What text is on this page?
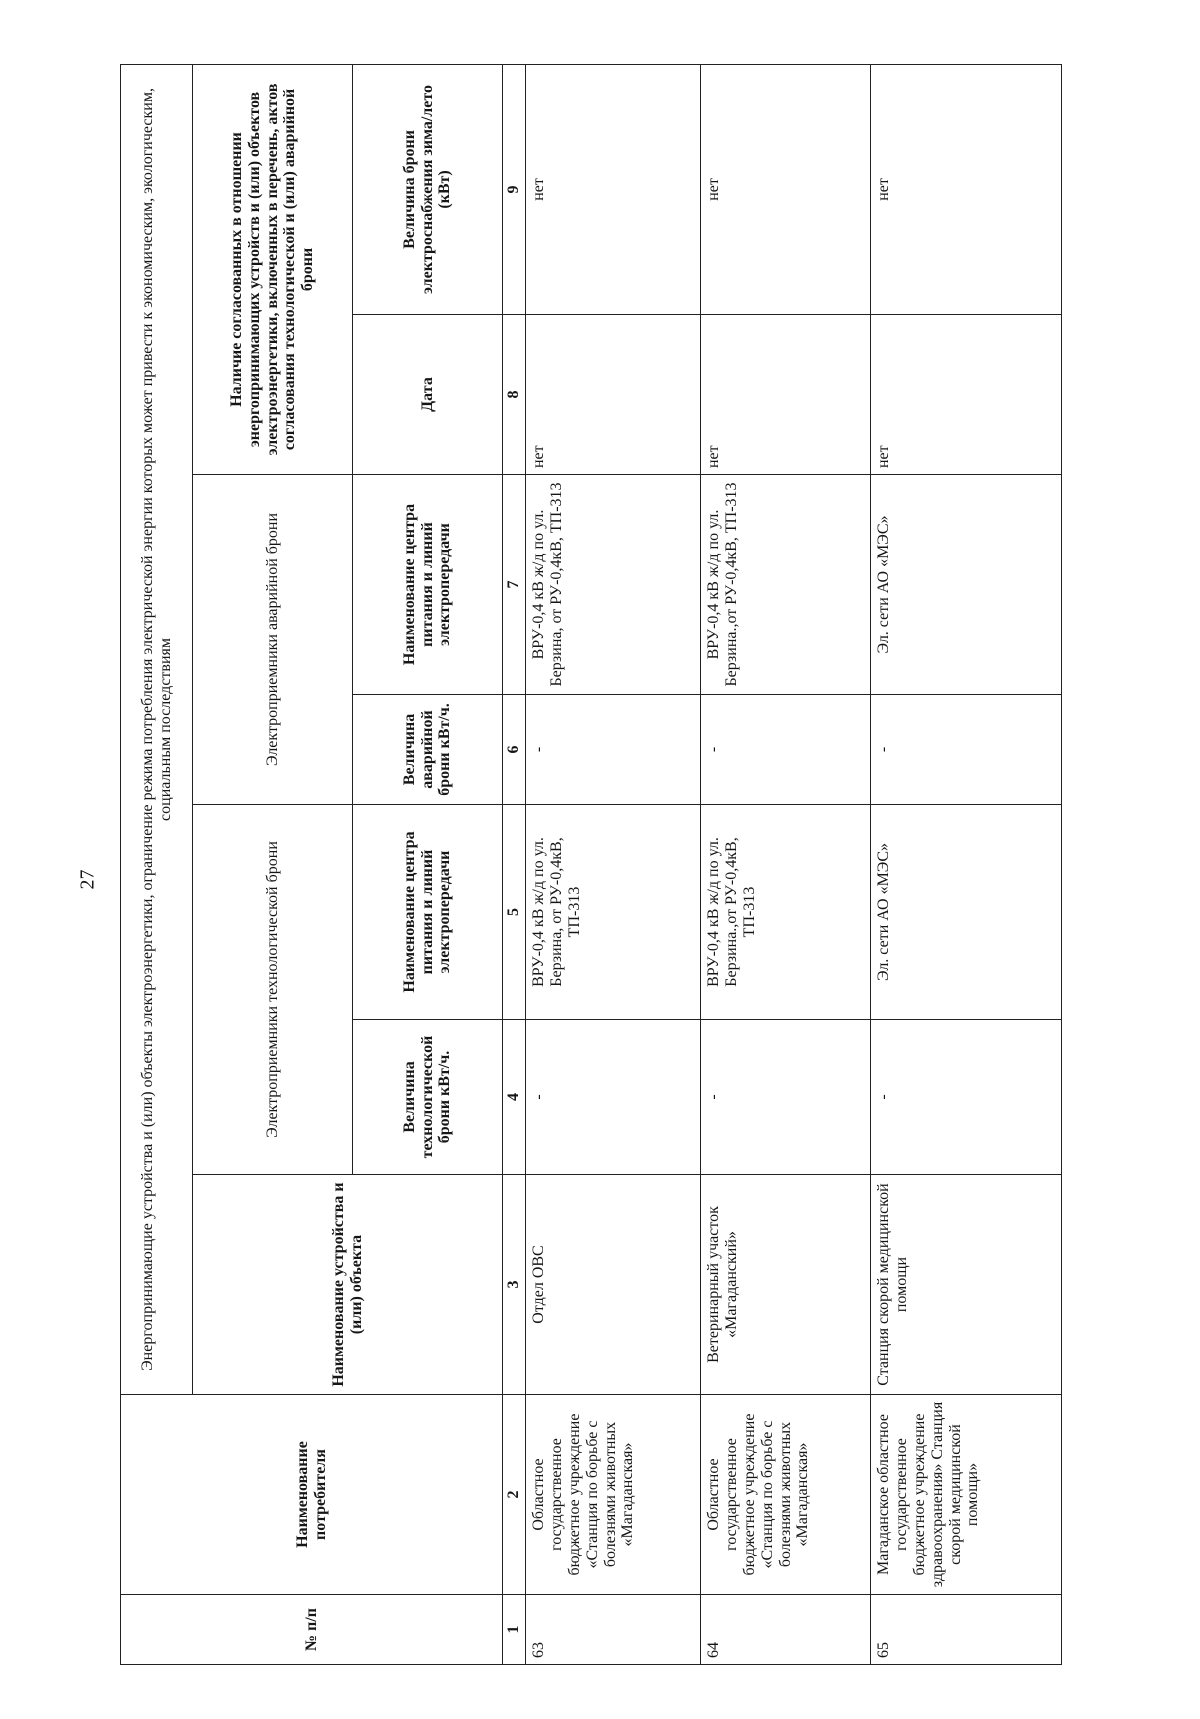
27
№ п/п	Наименование потребителя	Энергопринимающие устройства и (или) объекты электроэнергетики, ограничение режима потребления электрической энергии которых может привести к экономическим, экологическим, социальным последствиям						
		Наименование устройства и (или) объекта	Электроприемники технологической брони		Электроприемники аварийной брони		Наличие согласованных в отношении энергопринимающих устройств и (или) объектов электроэнергетики, включенных в перечень, актов согласования технологической и (или) аварийной брони	
			Величина технологической брони кВт/ч.	Наименование центра питания и линий электропередачи	Величина аварийной брони кВт/ч.	Наименование центра питания и линий электропередачи	Дата	Величина брони электроснабжения зима/лето (кВт)
1	2	3	4	5	6	7	8	9
63	Областное государственное бюджетное учреждение «Станция по борьбе с болезнями животных «Магаданская»	Отдел ОВС	-	ВРУ-0,4 кВ ж/д по ул. Берзина, от РУ-0,4кВ, ТП-313	-	ВРУ-0,4 кВ ж/д по ул. Берзина, от РУ-0,4кВ, ТП-313	нет	нет
64	Областное государственное бюджетное учреждение «Станция по борьбе с болезнями животных «Магаданская»	Ветеринарный участок «Магаданский»	-	ВРУ-0,4 кВ ж/д по ул. Берзина.,от РУ-0,4кВ, ТП-313	-	ВРУ-0,4 кВ ж/д по ул. Берзина.,от РУ-0,4кВ, ТП-313	нет	нет
65	Магаданское областное государственное бюджетное учреждение здравоохранения» Станция скорой медицинской помощи»	Станция скорой медицинской помощи	-	Эл. сети АО «МЭС»	-	Эл. сети АО «МЭС»	нет	нет
